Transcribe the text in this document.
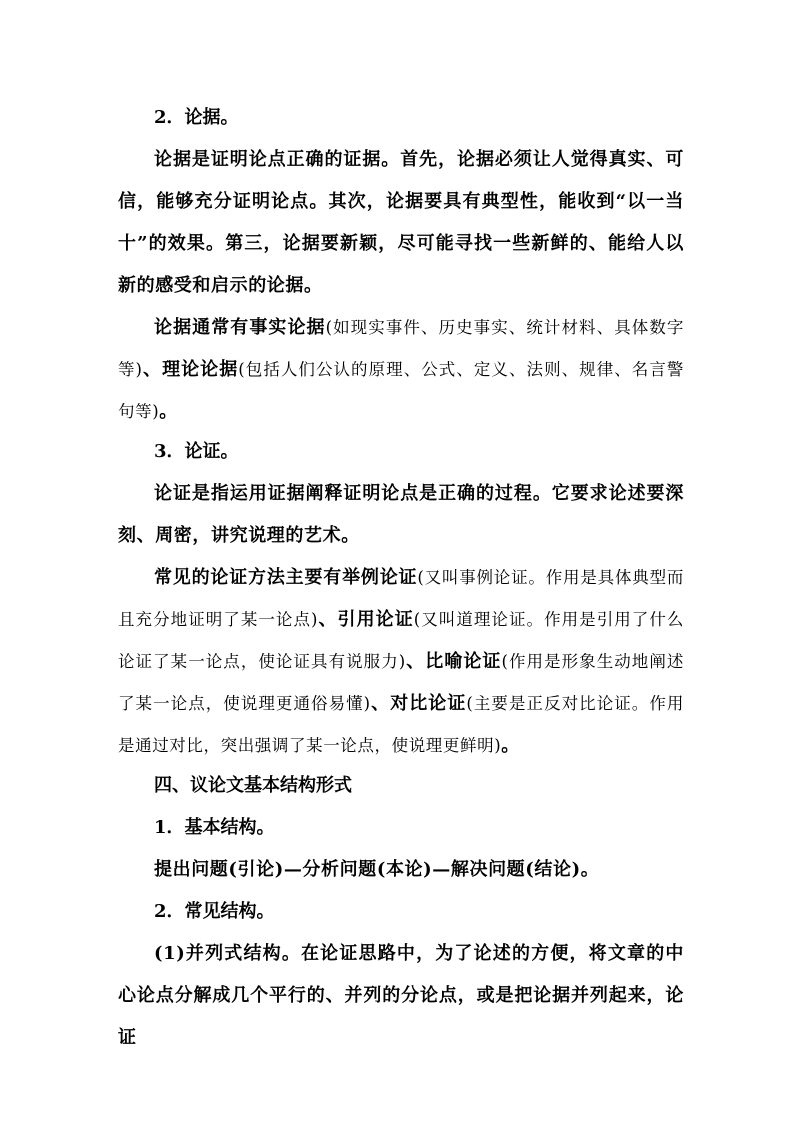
2．论据。

论据是证明论点正确的证据。首先，论据必须让人觉得真实、可信，能够充分证明论点。其次，论据要具有典型性，能收到“以一当十”的效果。第三，论据要新颖，尽可能寻找一些新鲜的、能给人以新的感受和启示的论据。

论据通常有事实论据(如现实事件、历史事实、统计材料、具体数字等)、理论论据(包括人们公认的原理、公式、定义、法则、规律、名言警句等)。

3．论证。

论证是指运用证据阐释证明论点是正确的过程。它要求论述要深刻、周密，讲究说理的艺术。

常见的论证方法主要有举例论证(又叫事例论证。作用是具体典型而且充分地证明了某一论点)、引用论证(又叫道理论证。作用是引用了什么论证了某一论点，使论证具有说服力)、比喻论证(作用是形象生动地阐述了某一论点，使说理更通俗易懂)、对比论证(主要是正反对比论证。作用是通过对比，突出强调了某一论点，使说理更鲜明)。

四、议论文基本结构形式

1．基本结构。

提出问题(引论)—分析问题(本论)—解决问题(结论)。

2．常见结构。

(1)并列式结构。在论证思路中，为了论述的方便，将文章的中心论点分解成几个平行的、并列的分论点，或是把论据并列起来，论证
